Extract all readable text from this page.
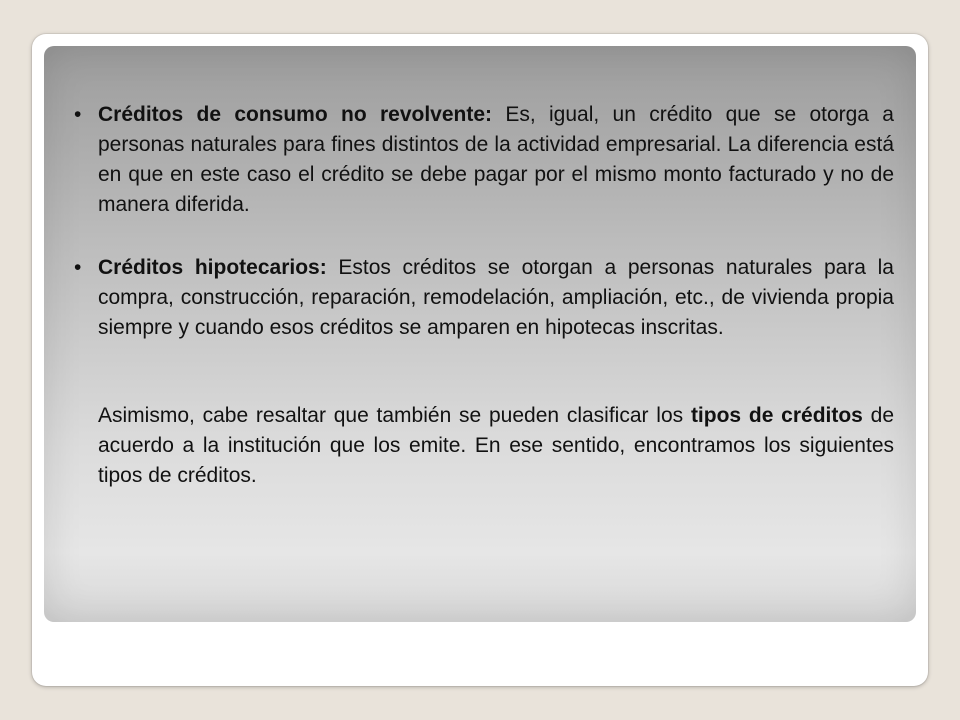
• Créditos de consumo no revolvente: Es, igual, un crédito que se otorga a personas naturales para fines distintos de la actividad empresarial. La diferencia está en que en este caso el crédito se debe pagar por el mismo monto facturado y no de manera diferida.
• Créditos hipotecarios: Estos créditos se otorgan a personas naturales para la compra, construcción, reparación, remodelación, ampliación, etc., de vivienda propia siempre y cuando esos créditos se amparen en hipotecas inscritas.

Asimismo, cabe resaltar que también se pueden clasificar los tipos de créditos de acuerdo a la institución que los emite. En ese sentido, encontramos los siguientes tipos de créditos.
